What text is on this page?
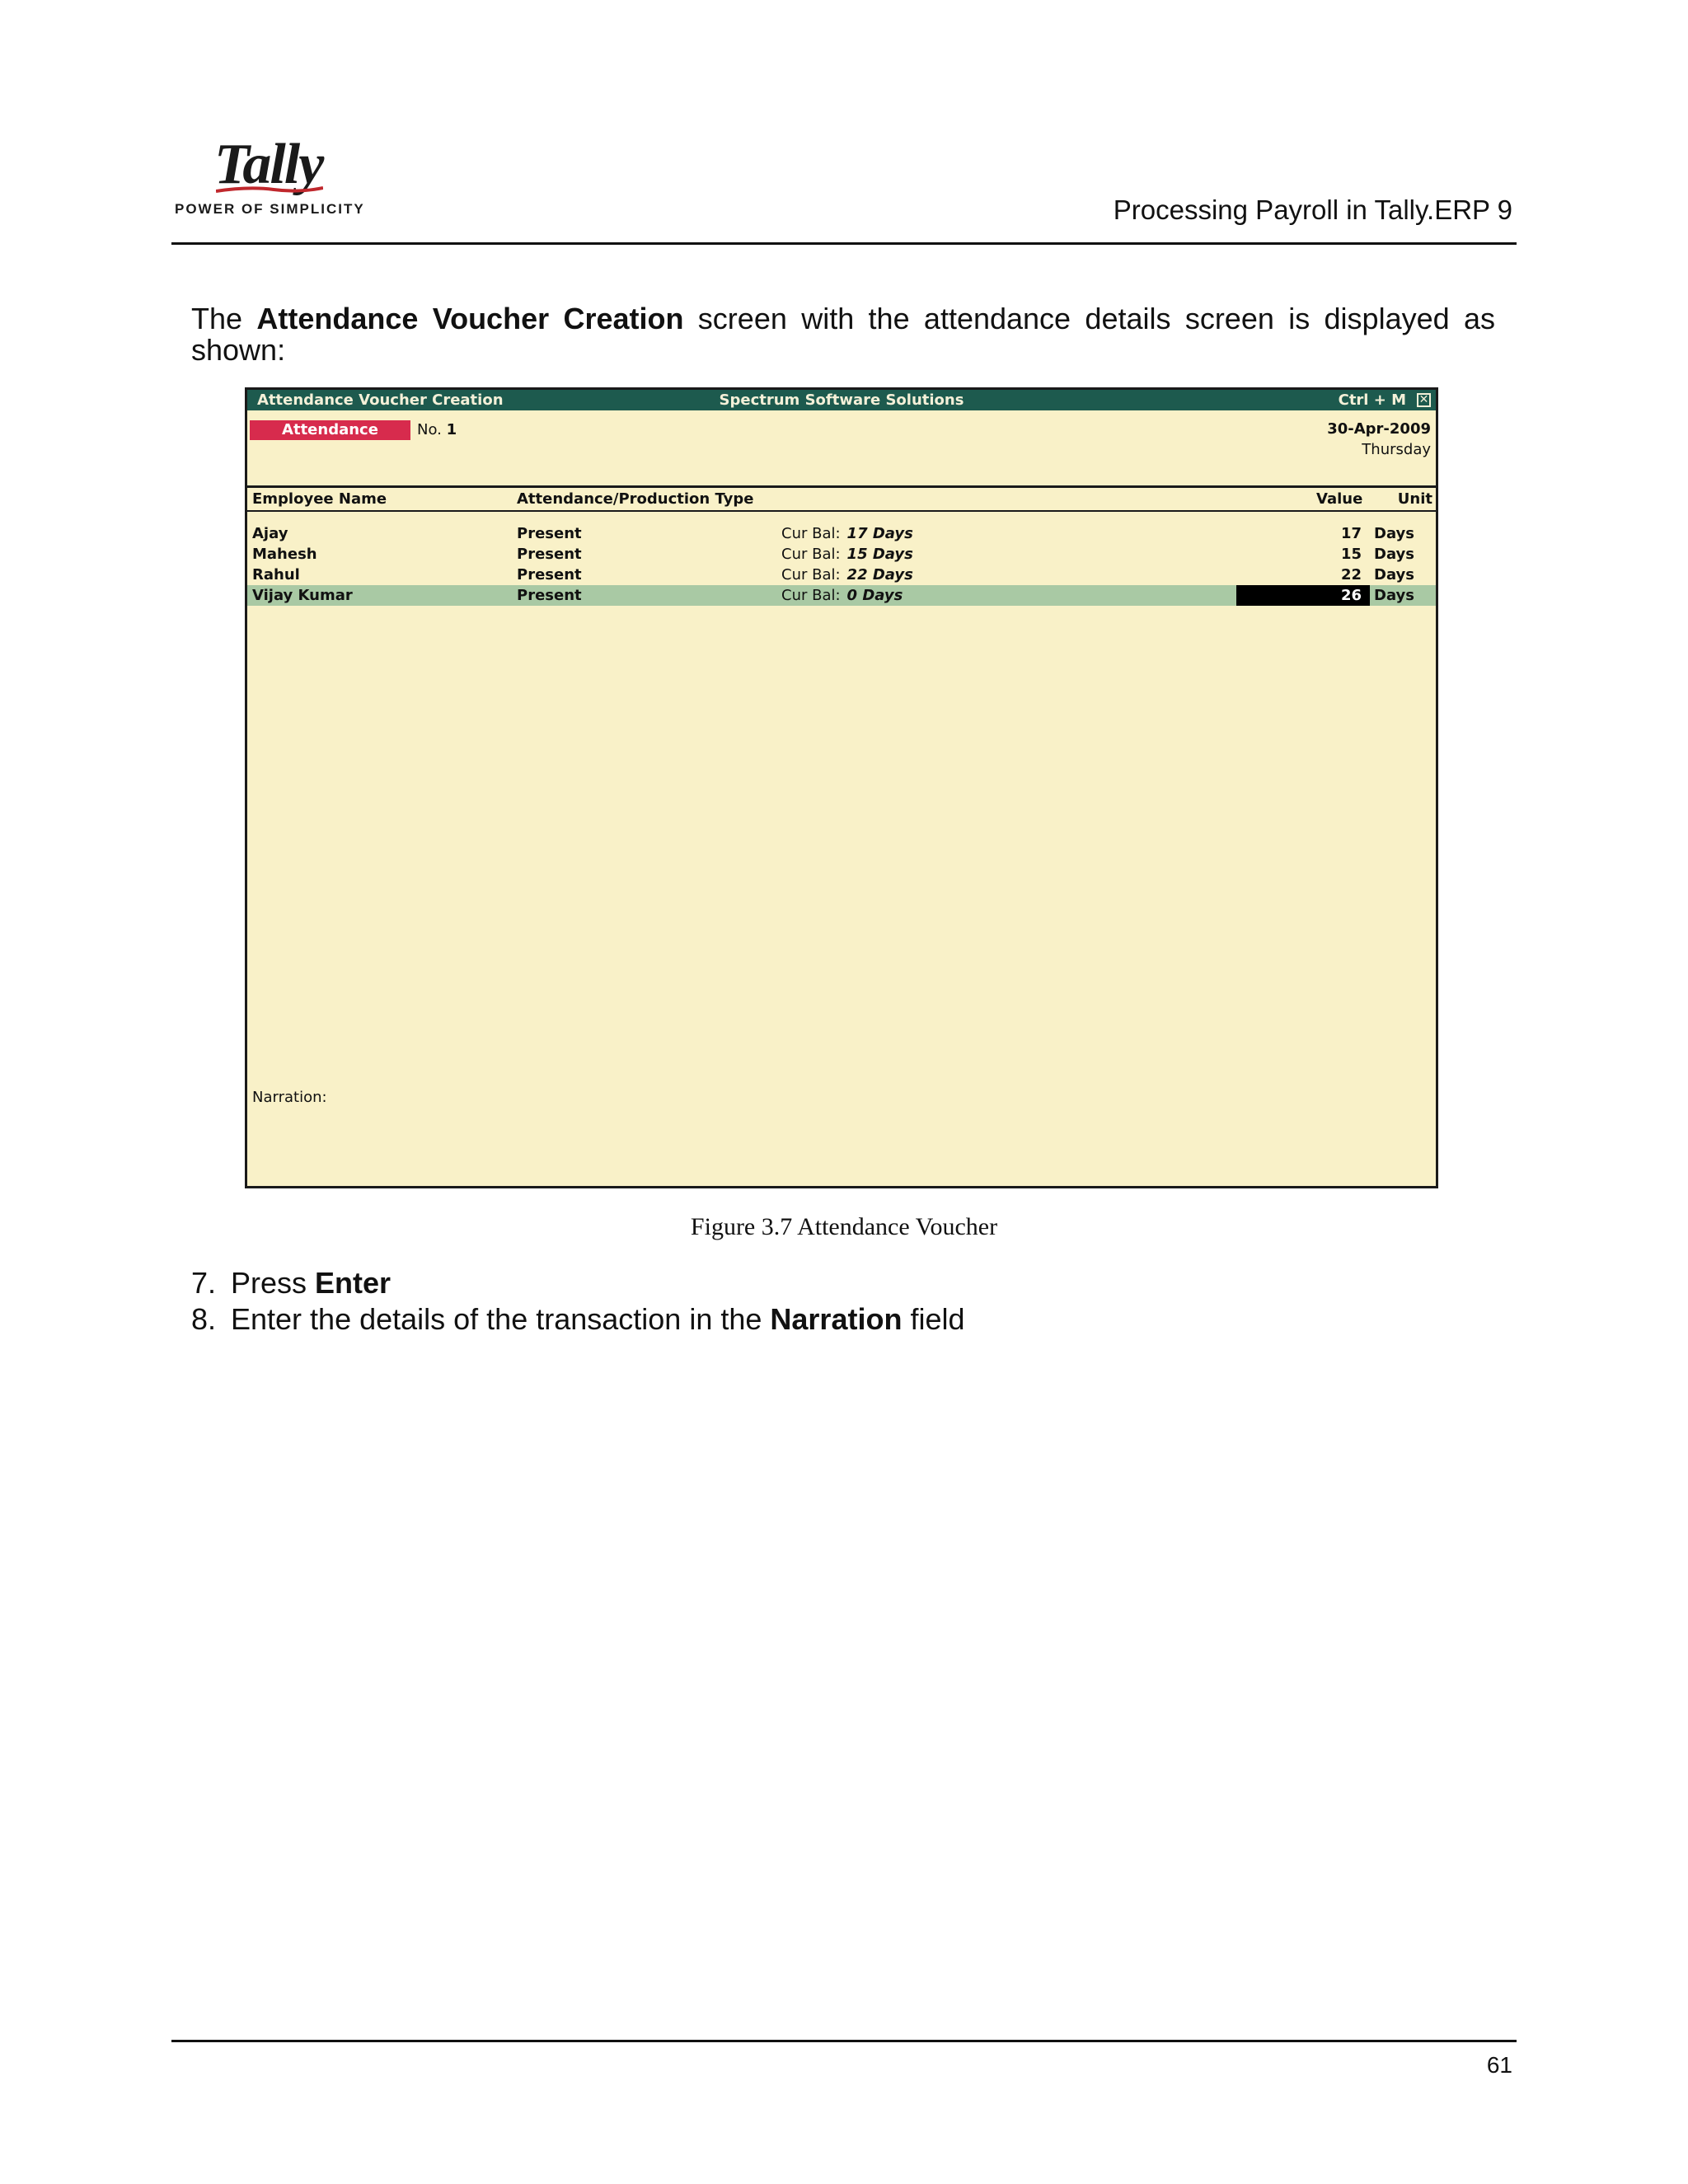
Tally
POWER OF SIMPLICITY	Processing Payroll in Tally.ERP 9
The Attendance Voucher Creation screen with the attendance details screen is displayed as shown:
Spectrum Software Solutions
Attendance Voucher Creation	Ctrl + M ✕
Attendance	No. 1	30-Apr-2009
Thursday
Employee Name	Attendance/Production Type	Value Unit
Ajay	Present	Cur Bal: 17 Days	17 Days
Mahesh	Present	Cur Bal: 15 Days	15 Days
Rahul	Present	Cur Bal: 22 Days	22 Days
Vijay Kumar	Present	Cur Bal: 0 Days	26 Days
Narration:
Figure 3.7 Attendance Voucher
7. Press Enter
8. Enter the details of the transaction in the Narration field
61
